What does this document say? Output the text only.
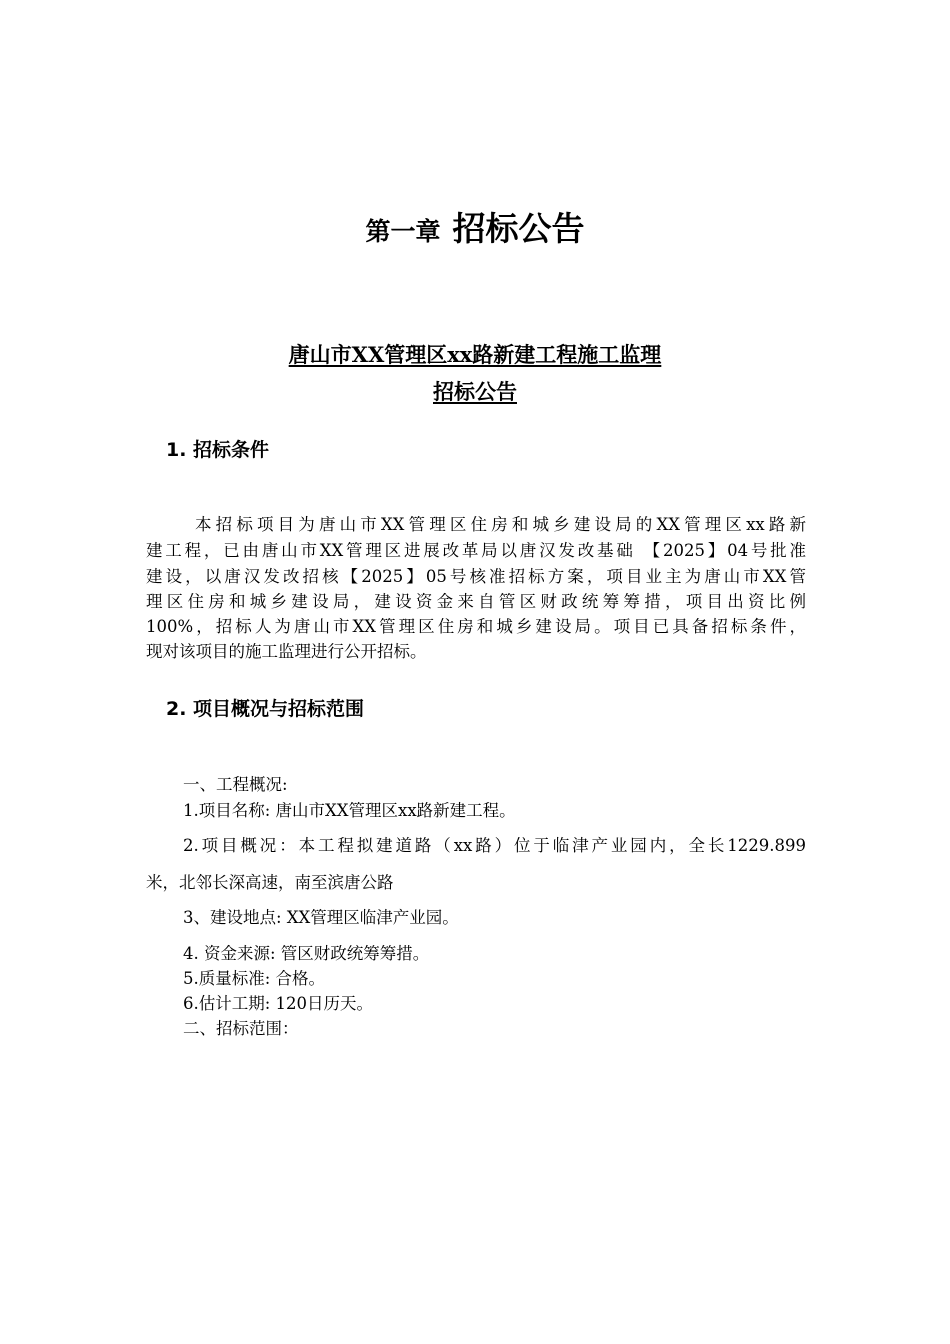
第一章 招标公告
唐山市XX管理区xx路新建工程施工监理
招标公告
1. 招标条件
本招标项目为唐山市XX管理区住房和城乡建设局的XX管理区xx路新
建工程，已由唐山市XX管理区进展改革局以唐汉发改基础 【2025】04号批准
建设，以唐汉发改招核【2025】05号核准招标方案，项目业主为唐山市XX管
理区住房和城乡建设局，建设资金来自管区财政统筹筹措，项目出资比例
100%，招标人为唐山市XX管理区住房和城乡建设局。项目已具备招标条件，
现对该项目的施工监理进行公开招标。
2. 项目概况与招标范围
一、工程概况:
1.项目名称: 唐山市XX管理区xx路新建工程。
2.项目概况：本工程拟建道路（xx路）位于临津产业园内，全长1229.899
米，北邻长深高速，南至滨唐公路
3、建设地点: XX管理区临津产业园。
4. 资金来源: 管区财政统筹筹措。
5.质量标准: 合格。
6.估计工期: 120日历天。
二、招标范围：
